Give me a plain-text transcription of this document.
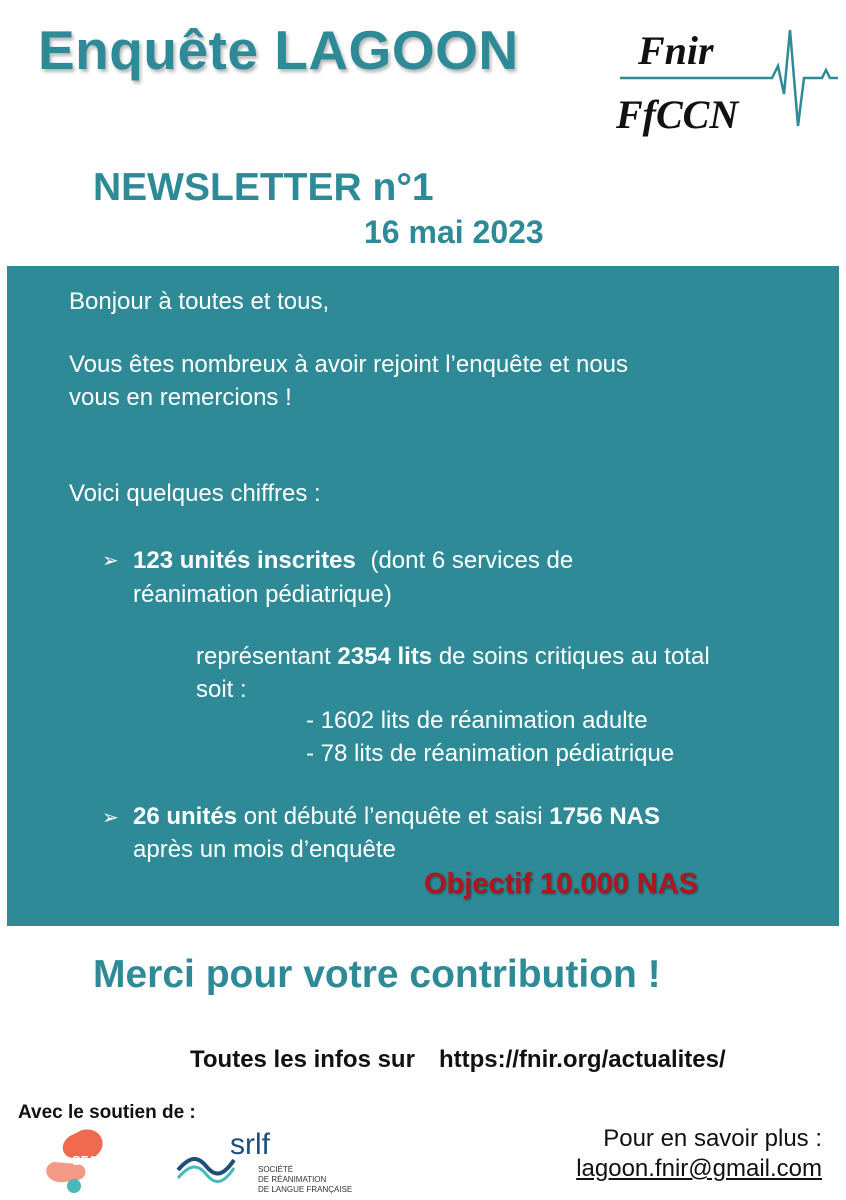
Enquête LAGOON	Fnir
FfCCN
NEWSLETTER n°1
16 mai 2023
Bonjour à toutes et tous,
Vous êtes nombreux à avoir rejoint l’enquête et nous
vous en remercions !
Voici quelques chiffres :
➢ 123 unités inscrites (dont 6 services de
réanimation pédiatrique)
représentant 2354 lits de soins critiques au total
soit :
- 1602 lits de réanimation adulte
- 78 lits de réanimation pédiatrique
➢ 26 unités ont débuté l’enquête et saisi 1756 NAS
après un mois d’enquête
Objectif 10.000 NAS
Merci pour votre contribution !
Toutes les infos sur https://fnir.org/actualites/
Avec le soutien de :
SFAR	srlf
SOCIÉTÉ
DE RÉANIMATION
DE LANGUE FRANÇAISE
Pour en savoir plus :
lagoon.fnir@gmail.com
